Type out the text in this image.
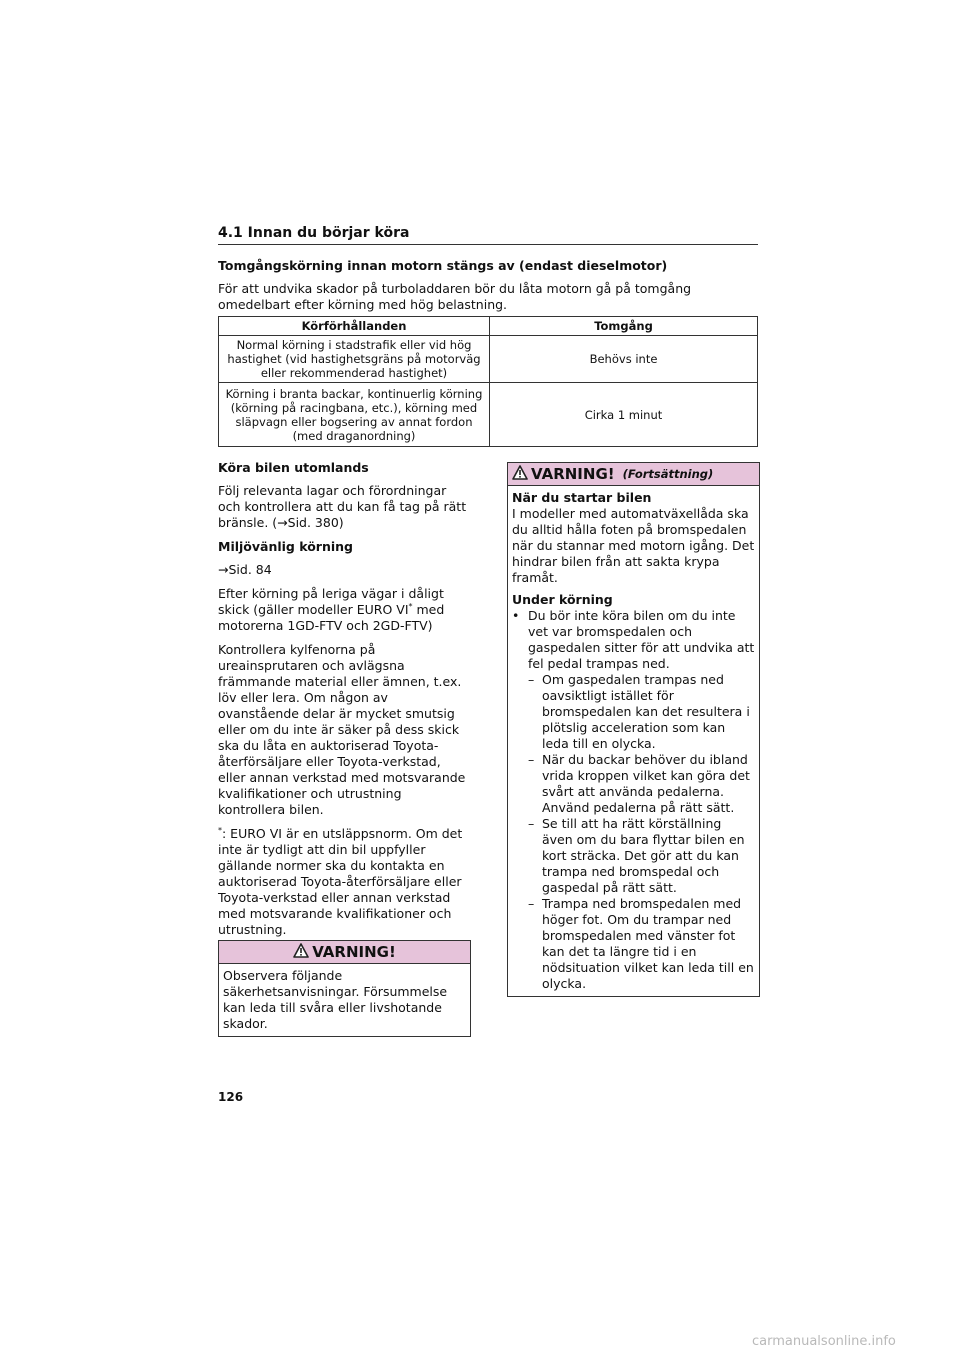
4.1 Innan du börjar köra
Tomgångskörning innan motorn stängs av (endast dieselmotor)
För att undvika skador på turboladdaren bör du låta motorn gå på tomgång omedelbart efter körning med hög belastning.
Körförhållanden	Tomgång
Normal körning i stadstrafik eller vid hög hastighet (vid hastighetsgräns på motorväg eller rekommenderad hastighet)	Behövs inte
Körning i branta backar, kontinuerlig körning (körning på racingbana, etc.), körning med släpvagn eller bogsering av annat fordon (med draganordning)	Cirka 1 minut
Köra bilen utomlands
Följ relevanta lagar och förordningar och kontrollera att du kan få tag på rätt bränsle. (→Sid. 380)
Miljövänlig körning
→Sid. 84
Efter körning på leriga vägar i dåligt skick (gäller modeller EURO VI* med motorerna 1GD-FTV och 2GD-FTV)
Kontrollera kylfenorna på ureainsprutaren och avlägsna främmande material eller ämnen, t.ex. löv eller lera. Om någon av ovanstående delar är mycket smutsig eller om du inte är säker på dess skick ska du låta en auktoriserad Toyota-återförsäljare eller Toyota-verkstad, eller annan verkstad med motsvarande kvalifikationer och utrustning kontrollera bilen.
*: EURO VI är en utsläppsnorm. Om det inte är tydligt att din bil uppfyller gällande normer ska du kontakta en auktoriserad Toyota-återförsäljare eller Toyota-verkstad eller annan verkstad med motsvarande kvalifikationer och utrustning.
VARNING!
Observera följande säkerhetsanvisningar. Försummelse kan leda till svåra eller livshotande skador.
VARNING! (Fortsättning)
När du startar bilen
I modeller med automatväxellåda ska du alltid hålla foten på bromspedalen när du stannar med motorn igång. Det hindrar bilen från att sakta krypa framåt.
Under körning
• Du bör inte köra bilen om du inte vet var bromspedalen och gaspedalen sitter för att undvika att fel pedal trampas ned.
– Om gaspedalen trampas ned oavsiktligt istället för bromspedalen kan det resultera i plötslig acceleration som kan leda till en olycka.
– När du backar behöver du ibland vrida kroppen vilket kan göra det svårt att använda pedalerna. Använd pedalerna på rätt sätt.
– Se till att ha rätt körställning även om du bara flyttar bilen en kort sträcka. Det gör att du kan trampa ned bromspedal och gaspedal på rätt sätt.
– Trampa ned bromspedalen med höger fot. Om du trampar ned bromspedalen med vänster fot kan det ta längre tid i en nödsituation vilket kan leda till en olycka.
126
carmanualsonline.info
